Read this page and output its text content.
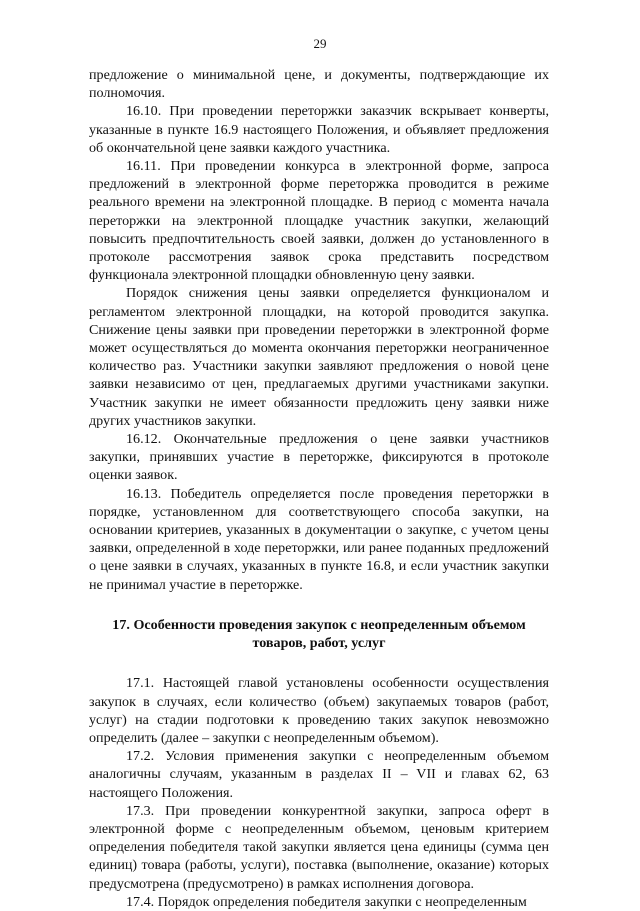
29

предложение о минимальной цене, и документы, подтверждающие их полномочия.

16.10. При проведении переторжки заказчик вскрывает конверты, указанные в пункте 16.9 настоящего Положения, и объявляет предложения об окончательной цене заявки каждого участника.

16.11. При проведении конкурса в электронной форме, запроса предложений в электронной форме переторжка проводится в режиме реального времени на электронной площадке. В период с момента начала переторжки на электронной площадке участник закупки, желающий повысить предпочтительность своей заявки, должен до установленного в протоколе рассмотрения заявок срока представить посредством функционала электронной площадки обновленную цену заявки.

Порядок снижения цены заявки определяется функционалом и регламентом электронной площадки, на которой проводится закупка. Снижение цены заявки при проведении переторжки в электронной форме может осуществляться до момента окончания переторжки неограниченное количество раз. Участники закупки заявляют предложения о новой цене заявки независимо от цен, предлагаемых другими участниками закупки. Участник закупки не имеет обязанности предложить цену заявки ниже других участников закупки.

16.12. Окончательные предложения о цене заявки участников закупки, принявших участие в переторжке, фиксируются в протоколе оценки заявок.

16.13. Победитель определяется после проведения переторжки в порядке, установленном для соответствующего способа закупки, на основании критериев, указанных в документации о закупке, с учетом цены заявки, определенной в ходе переторжки, или ранее поданных предложений о цене заявки в случаях, указанных в пункте 16.8, и если участник закупки не принимал участие в переторжке.

17. Особенности проведения закупок с неопределенным объемом
товаров, работ, услуг

17.1. Настоящей главой установлены особенности осуществления закупок в случаях, если количество (объем) закупаемых товаров (работ, услуг) на стадии подготовки к проведению таких закупок невозможно определить (далее – закупки с неопределенным объемом).

17.2. Условия применения закупки с неопределенным объемом аналогичны случаям, указанным в разделах II – VII и главах 62, 63 настоящего Положения.

17.3. При проведении конкурентной закупки, запроса оферт в электронной форме с неопределенным объемом, ценовым критерием определения победителя такой закупки является цена единицы (сумма цен единиц) товара (работы, услуги), поставка (выполнение, оказание) которых предусмотрена (предусмотрено) в рамках исполнения договора.

17.4. Порядок определения победителя закупки с неопределенным
